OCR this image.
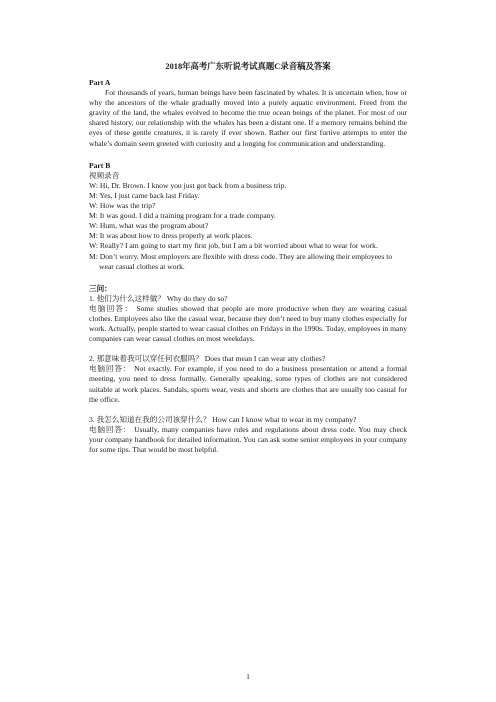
2018年高考广东听说考试真题C录音稿及答案

Part A

For thousands of years, human beings have been fascinated by whales. It is uncertain when, how or why the ancestors of the whale gradually moved into a purely aquatic environment. Freed from the gravity of the land, the whales evolved to become the true ocean beings of the planet. For most of our shared history, our relationship with the whales has been a distant one. If a memory remains behind the eyes of these gentle creatures, it is rarely if ever shown. Rather our first furtive attempts to enter the whale’s domain seem greeted with curiosity and a longing for communication and understanding.

Part B

视频录音

W: Hi, Dr. Brown. I know you just got back from a business trip.

M: Yes, I just came back last Friday.

W: How was the trip?

M: It was good. I did a training program for a trade company.

W: Hum, what was the program about?

M: It was about how to dress properly at work places.

W: Really? I am going to start my first job, but I am a bit worried about what to wear for work.

M: Don’t worry. Most employers are flexible with dress code. They are allowing their employees to wear casual clothes at work.

三问：

1. 他们为什么这样做？ Why do they do so?

电脑回答： Some studies showed that people are more productive when they are wearing casual clothes. Employees also like the casual wear, because they don’t need to buy many clothes especially for work. Actually, people started to wear casual clothes on Fridays in the 1990s. Today, employees in many companies can wear casual clothes on most weekdays.

2. 那意味着我可以穿任何衣服吗？ Does that mean I can wear any clothes?

电脑回答： Not exactly. For example, if you need to do a business presentation or attend a formal meeting, you need to dress formally. Generally speaking, some types of clothes are not considered suitable at work places. Sandals, sports wear, vests and shorts are clothes that are usually too casual for the office.

3. 我怎么知道在我的公司该穿什么？ How can I know what to wear in my company?

电脑回答： Usually, many companies have rules and regulations about dress code. You may check your company handbook for detailed information. You can ask some senior employees in your company for some tips. That would be most helpful.

1
